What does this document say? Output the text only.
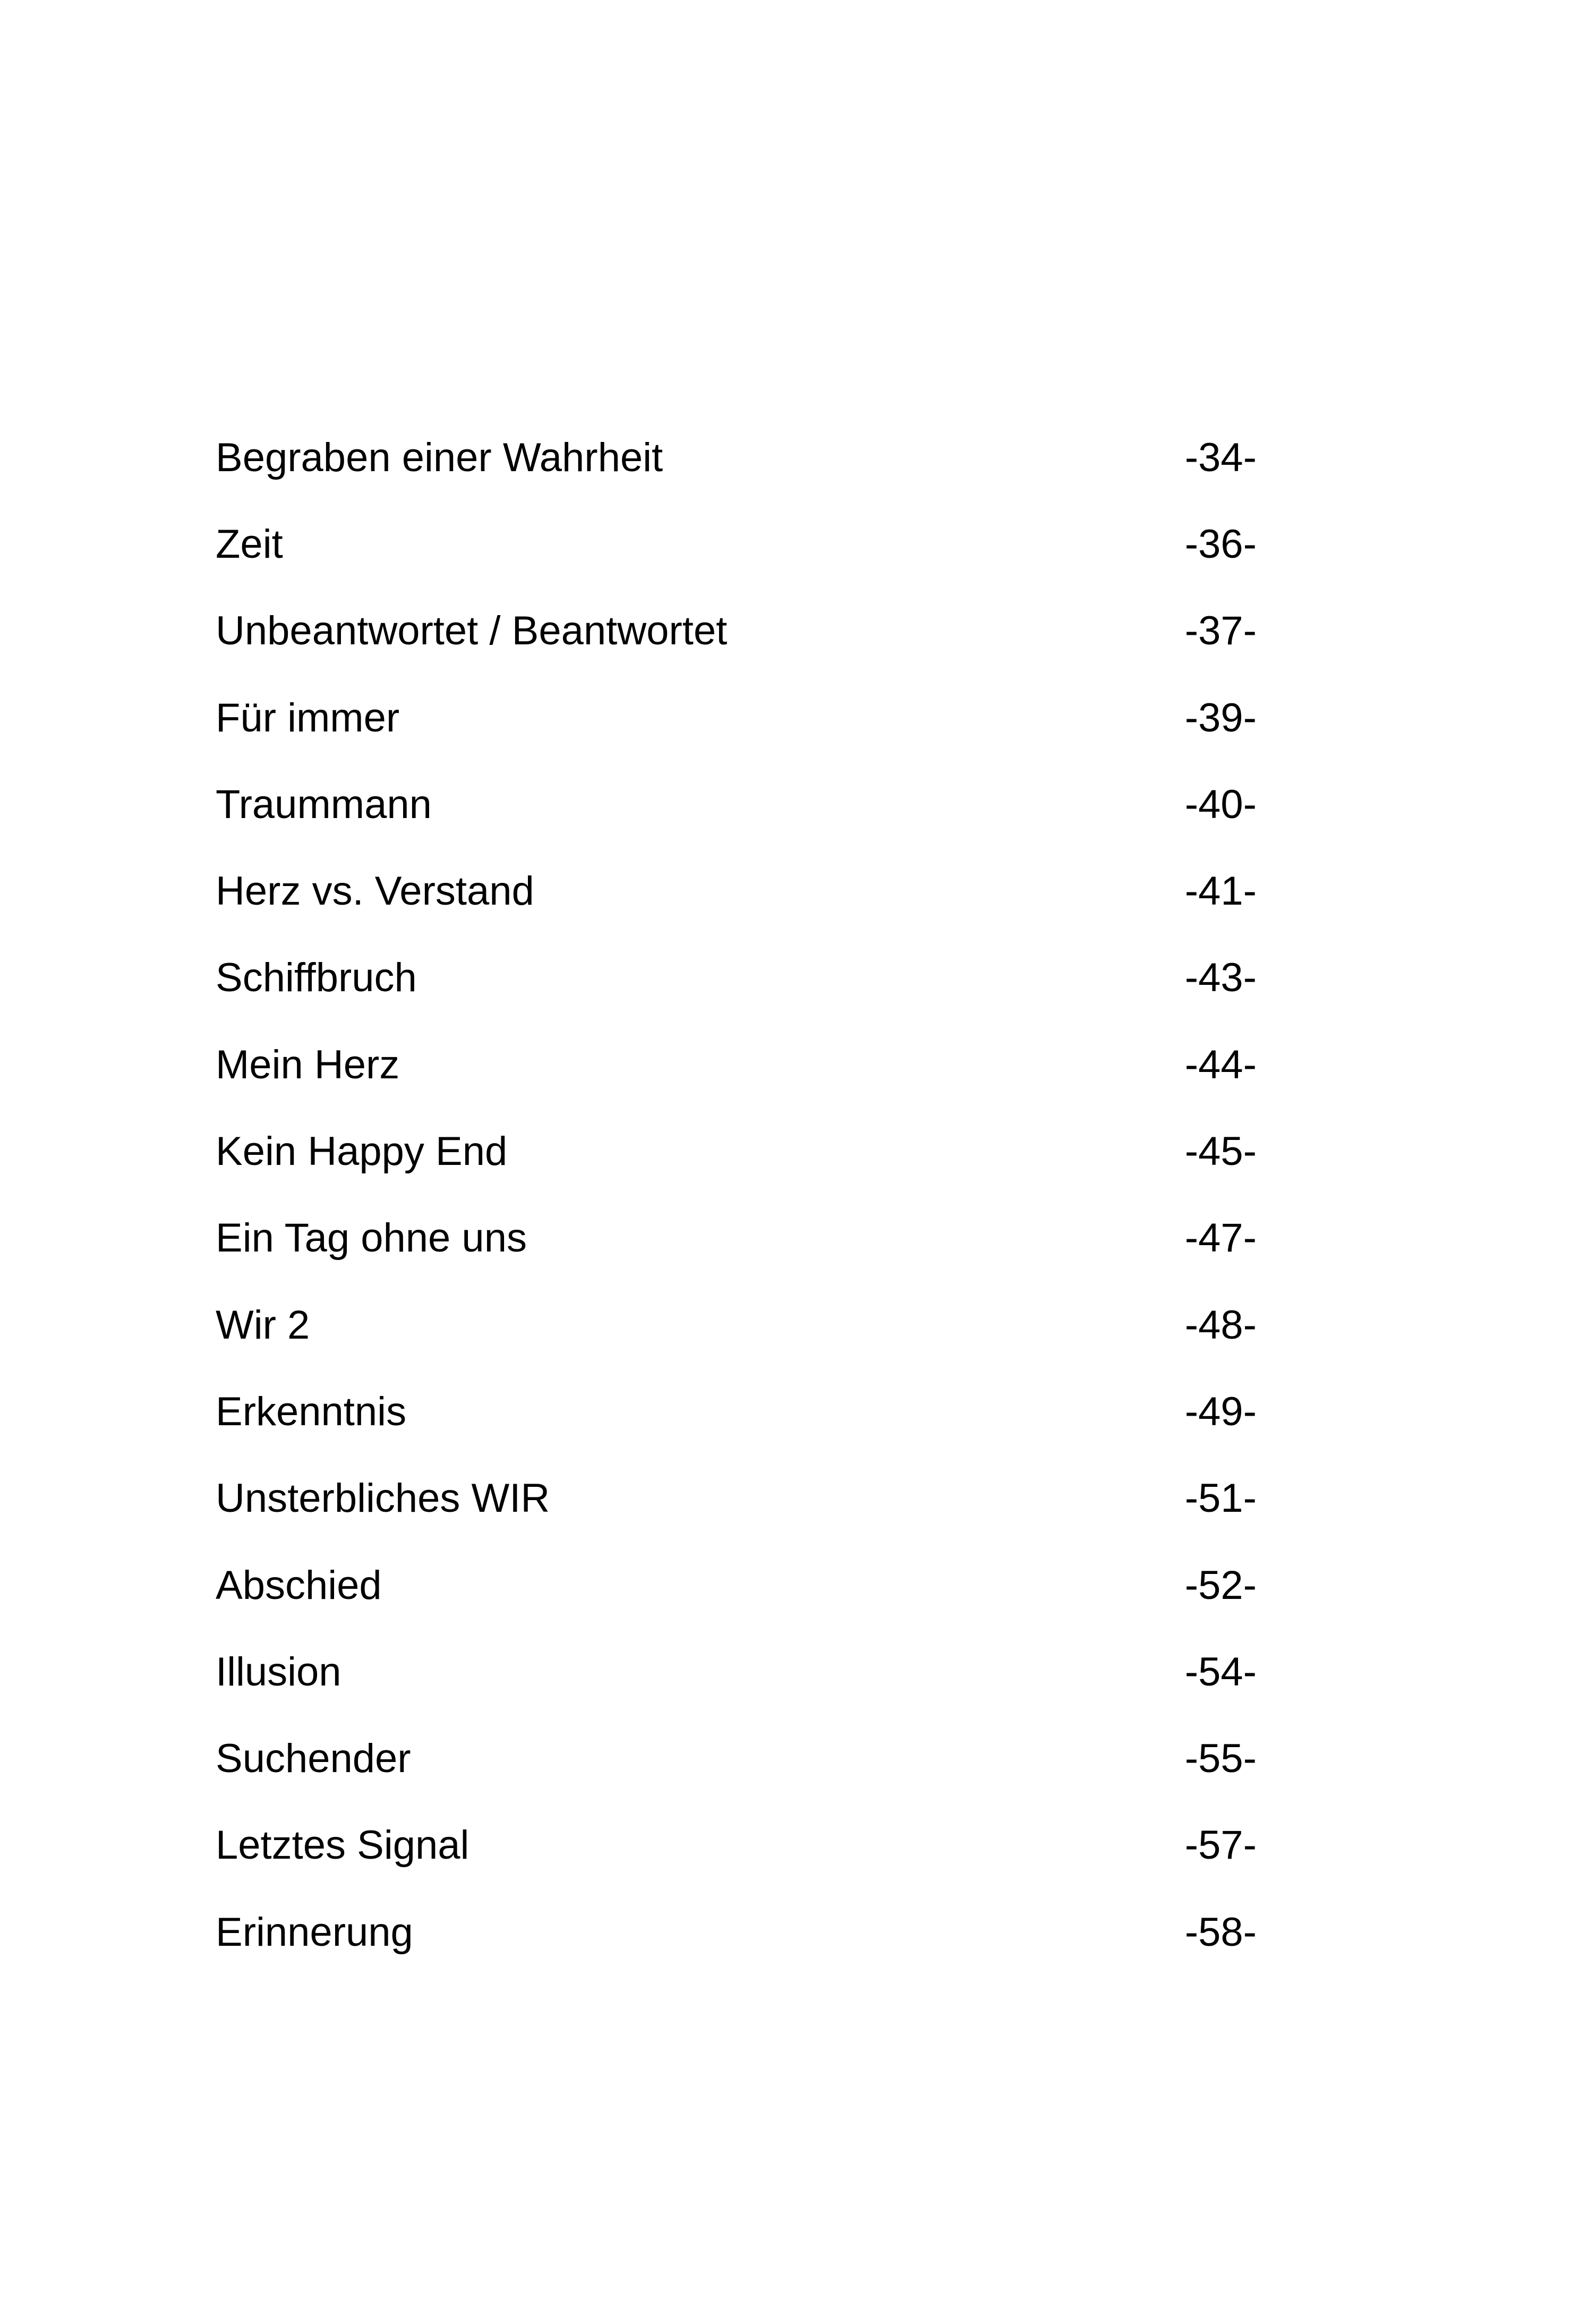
Begraben einer Wahrheit	-34-
Zeit	-36-
Unbeantwortet / Beantwortet	-37-
Für immer	-39-
Traummann	-40-
Herz vs. Verstand	-41-
Schiffbruch	-43-
Mein Herz	-44-
Kein Happy End	-45-
Ein Tag ohne uns	-47-
Wir 2	-48-
Erkenntnis	-49-
Unsterbliches WIR	-51-
Abschied	-52-
Illusion	-54-
Suchender	-55-
Letztes Signal	-57-
Erinnerung	-58-
